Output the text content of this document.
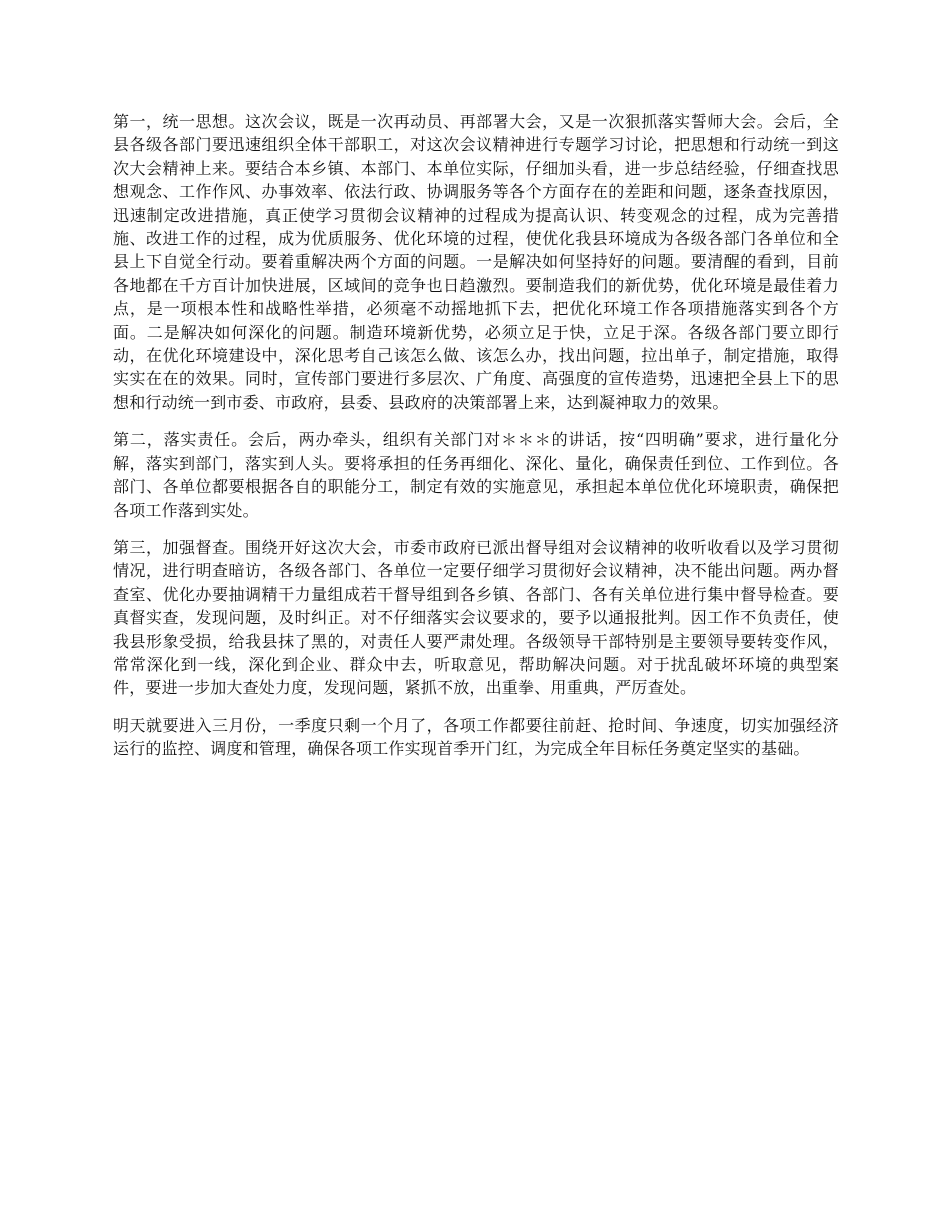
第一，统一思想。这次会议，既是一次再动员、再部署大会，又是一次狠抓落实誓师大会。会后，全县各级各部门要迅速组织全体干部职工，对这次会议精神进行专题学习讨论，把思想和行动统一到这次大会精神上来。要结合本乡镇、本部门、本单位实际，仔细加头看，进一步总结经验，仔细查找思想观念、工作作风、办事效率、依法行政、协调服务等各个方面存在的差距和问题，逐条查找原因，迅速制定改进措施，真正使学习贯彻会议精神的过程成为提高认识、转变观念的过程，成为完善措施、改进工作的过程，成为优质服务、优化环境的过程，使优化我县环境成为各级各部门各单位和全县上下自觉全行动。要着重解决两个方面的问题。一是解决如何坚持好的问题。要清醒的看到，目前各地都在千方百计加快进展，区域间的竞争也日趋激烈。要制造我们的新优势，优化环境是最佳着力点，是一项根本性和战略性举措，必须毫不动摇地抓下去，把优化环境工作各项措施落实到各个方面。二是解决如何深化的问题。制造环境新优势，必须立足于快，立足于深。各级各部门要立即行动，在优化环境建设中，深化思考自己该怎么做、该怎么办，找出问题，拉出单子，制定措施，取得实实在在的效果。同时，宣传部门要进行多层次、广角度、高强度的宣传造势，迅速把全县上下的思想和行动统一到市委、市政府，县委、县政府的决策部署上来，达到凝神取力的效果。

第二，落实责任。会后，两办牵头，组织有关部门对＊＊＊的讲话，按“四明确”要求，进行量化分解，落实到部门，落实到人头。要将承担的任务再细化、深化、量化，确保责任到位、工作到位。各部门、各单位都要根据各自的职能分工，制定有效的实施意见，承担起本单位优化环境职责，确保把各项工作落到实处。

第三，加强督查。围绕开好这次大会，市委市政府已派出督导组对会议精神的收听收看以及学习贯彻情况，进行明查暗访，各级各部门、各单位一定要仔细学习贯彻好会议精神，决不能出问题。两办督查室、优化办要抽调精干力量组成若干督导组到各乡镇、各部门、各有关单位进行集中督导检查。要真督实查，发现问题，及时纠正。对不仔细落实会议要求的，要予以通报批判。因工作不负责任，使我县形象受损，给我县抹了黑的，对责任人要严肃处理。各级领导干部特别是主要领导要转变作风，常常深化到一线，深化到企业、群众中去，听取意见，帮助解决问题。对于扰乱破坏环境的典型案件，要进一步加大查处力度，发现问题，紧抓不放，出重拳、用重典，严厉查处。

明天就要进入三月份，一季度只剩一个月了，各项工作都要往前赶、抢时间、争速度，切实加强经济运行的监控、调度和管理，确保各项工作实现首季开门红，为完成全年目标任务奠定坚实的基础。
